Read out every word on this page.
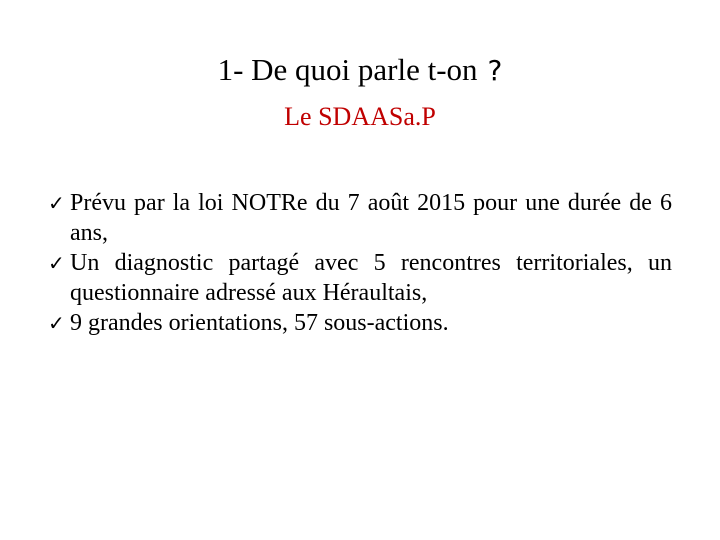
1- De quoi parle t-on ?
Le SDAASa.P
✓ Prévu par la loi NOTRe du 7 août 2015 pour une durée de 6 ans,
✓ Un diagnostic partagé avec 5 rencontres territoriales, un questionnaire adressé aux Héraultais,
✓ 9 grandes orientations, 57 sous-actions.
